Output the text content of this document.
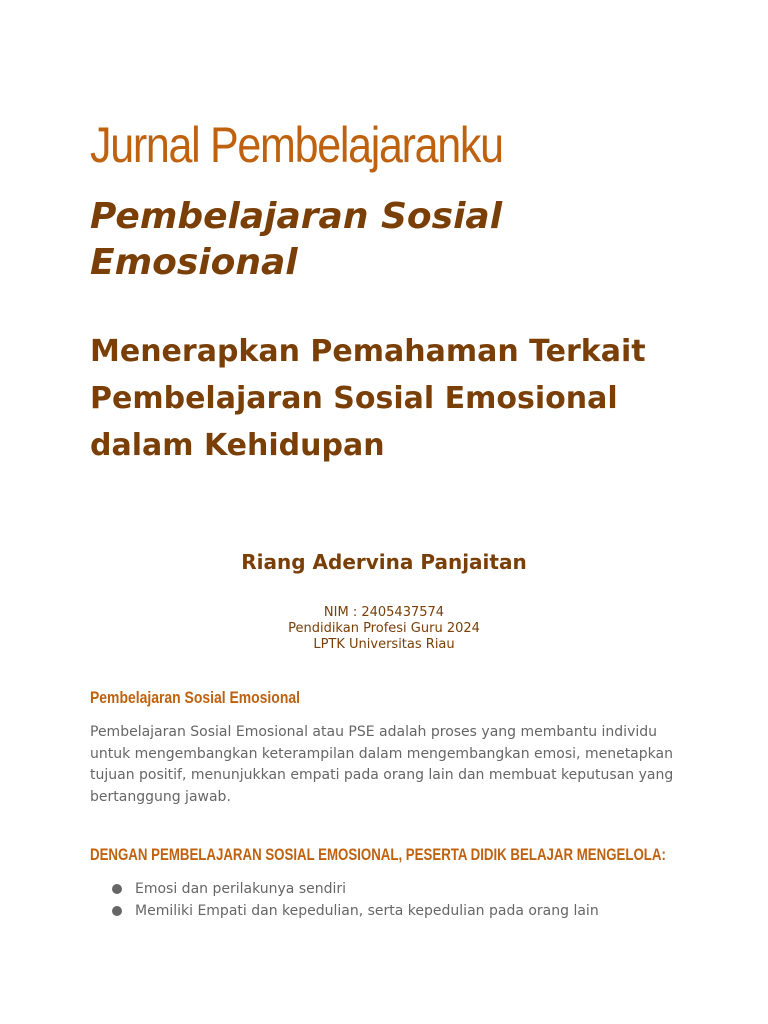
Jurnal Pembelajaranku
Pembelajaran Sosial Emosional
Menerapkan Pemahaman Terkait Pembelajaran Sosial Emosional dalam Kehidupan

Riang Adervina Panjaitan

NIM : 2405437574
Pendidikan Profesi Guru 2024
LPTK Universitas Riau
Pembelajaran Sosial Emosional

Pembelajaran Sosial Emosional atau PSE adalah proses yang membantu individu untuk mengembangkan keterampilan dalam mengembangkan emosi, menetapkan tujuan positif, menunjukkan empati pada orang lain dan membuat keputusan yang bertanggung jawab.

DENGAN PEMBELAJARAN SOSIAL EMOSIONAL, PESERTA DIDIK BELAJAR MENGELOLA:
Emosi dan perilakunya sendiri
Memiliki Empati dan kepedulian, serta kepedulian pada orang lain
